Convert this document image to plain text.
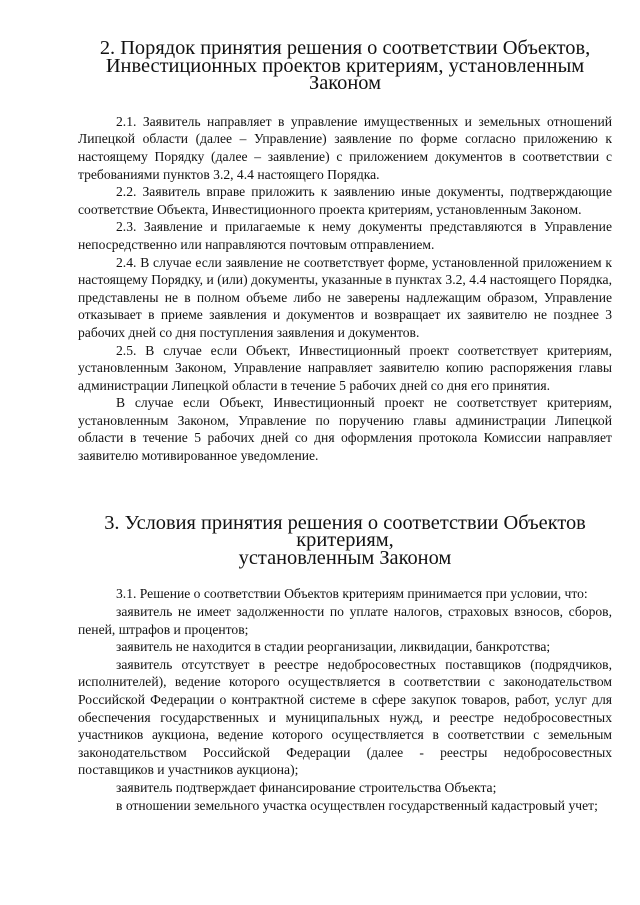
2. Порядок принятия решения о соответствии Объектов,
Инвестиционных проектов критериям, установленным Законом

2.1. Заявитель направляет в управление имущественных и земельных отношений Липецкой области (далее – Управление) заявление по форме согласно приложению к настоящему Порядку (далее – заявление) с приложением документов в соответствии с требованиями пунктов 3.2, 4.4 настоящего Порядка.

2.2. Заявитель вправе приложить к заявлению иные документы, подтверждающие соответствие Объекта, Инвестиционного проекта критериям, установленным Законом.

2.3. Заявление и прилагаемые к нему документы представляются в Управление непосредственно или направляются почтовым отправлением.

2.4. В случае если заявление не соответствует форме, установленной приложением к настоящему Порядку, и (или) документы, указанные в пунктах 3.2, 4.4 настоящего Порядка, представлены не в полном объеме либо не заверены надлежащим образом, Управление отказывает в приеме заявления и документов и возвращает их заявителю не позднее 3 рабочих дней со дня поступления заявления и документов.

2.5. В случае если Объект, Инвестиционный проект соответствует критериям, установленным Законом, Управление направляет заявителю копию распоряжения главы администрации Липецкой области в течение 5 рабочих дней со дня его принятия.

В случае если Объект, Инвестиционный проект не соответствует критериям, установленным Законом, Управление по поручению главы администрации Липецкой области в течение 5 рабочих дней со дня оформления протокола Комиссии направляет заявителю мотивированное уведомление.

3. Условия принятия решения о соответствии Объектов критериям,
установленным Законом

3.1. Решение о соответствии Объектов критериям принимается при условии, что:

заявитель не имеет задолженности по уплате налогов, страховых взносов, сборов, пеней, штрафов и процентов;

заявитель не находится в стадии реорганизации, ликвидации, банкротства;

заявитель отсутствует в реестре недобросовестных поставщиков (подрядчиков, исполнителей), ведение которого осуществляется в соответствии с законодательством Российской Федерации о контрактной системе в сфере закупок товаров, работ, услуг для обеспечения государственных и муниципальных нужд, и реестре недобросовестных участников аукциона, ведение которого осуществляется в соответствии с земельным законодательством Российской Федерации (далее - реестры недобросовестных поставщиков и участников аукциона);

заявитель подтверждает финансирование строительства Объекта;

в отношении земельного участка осуществлен государственный кадастровый учет;
